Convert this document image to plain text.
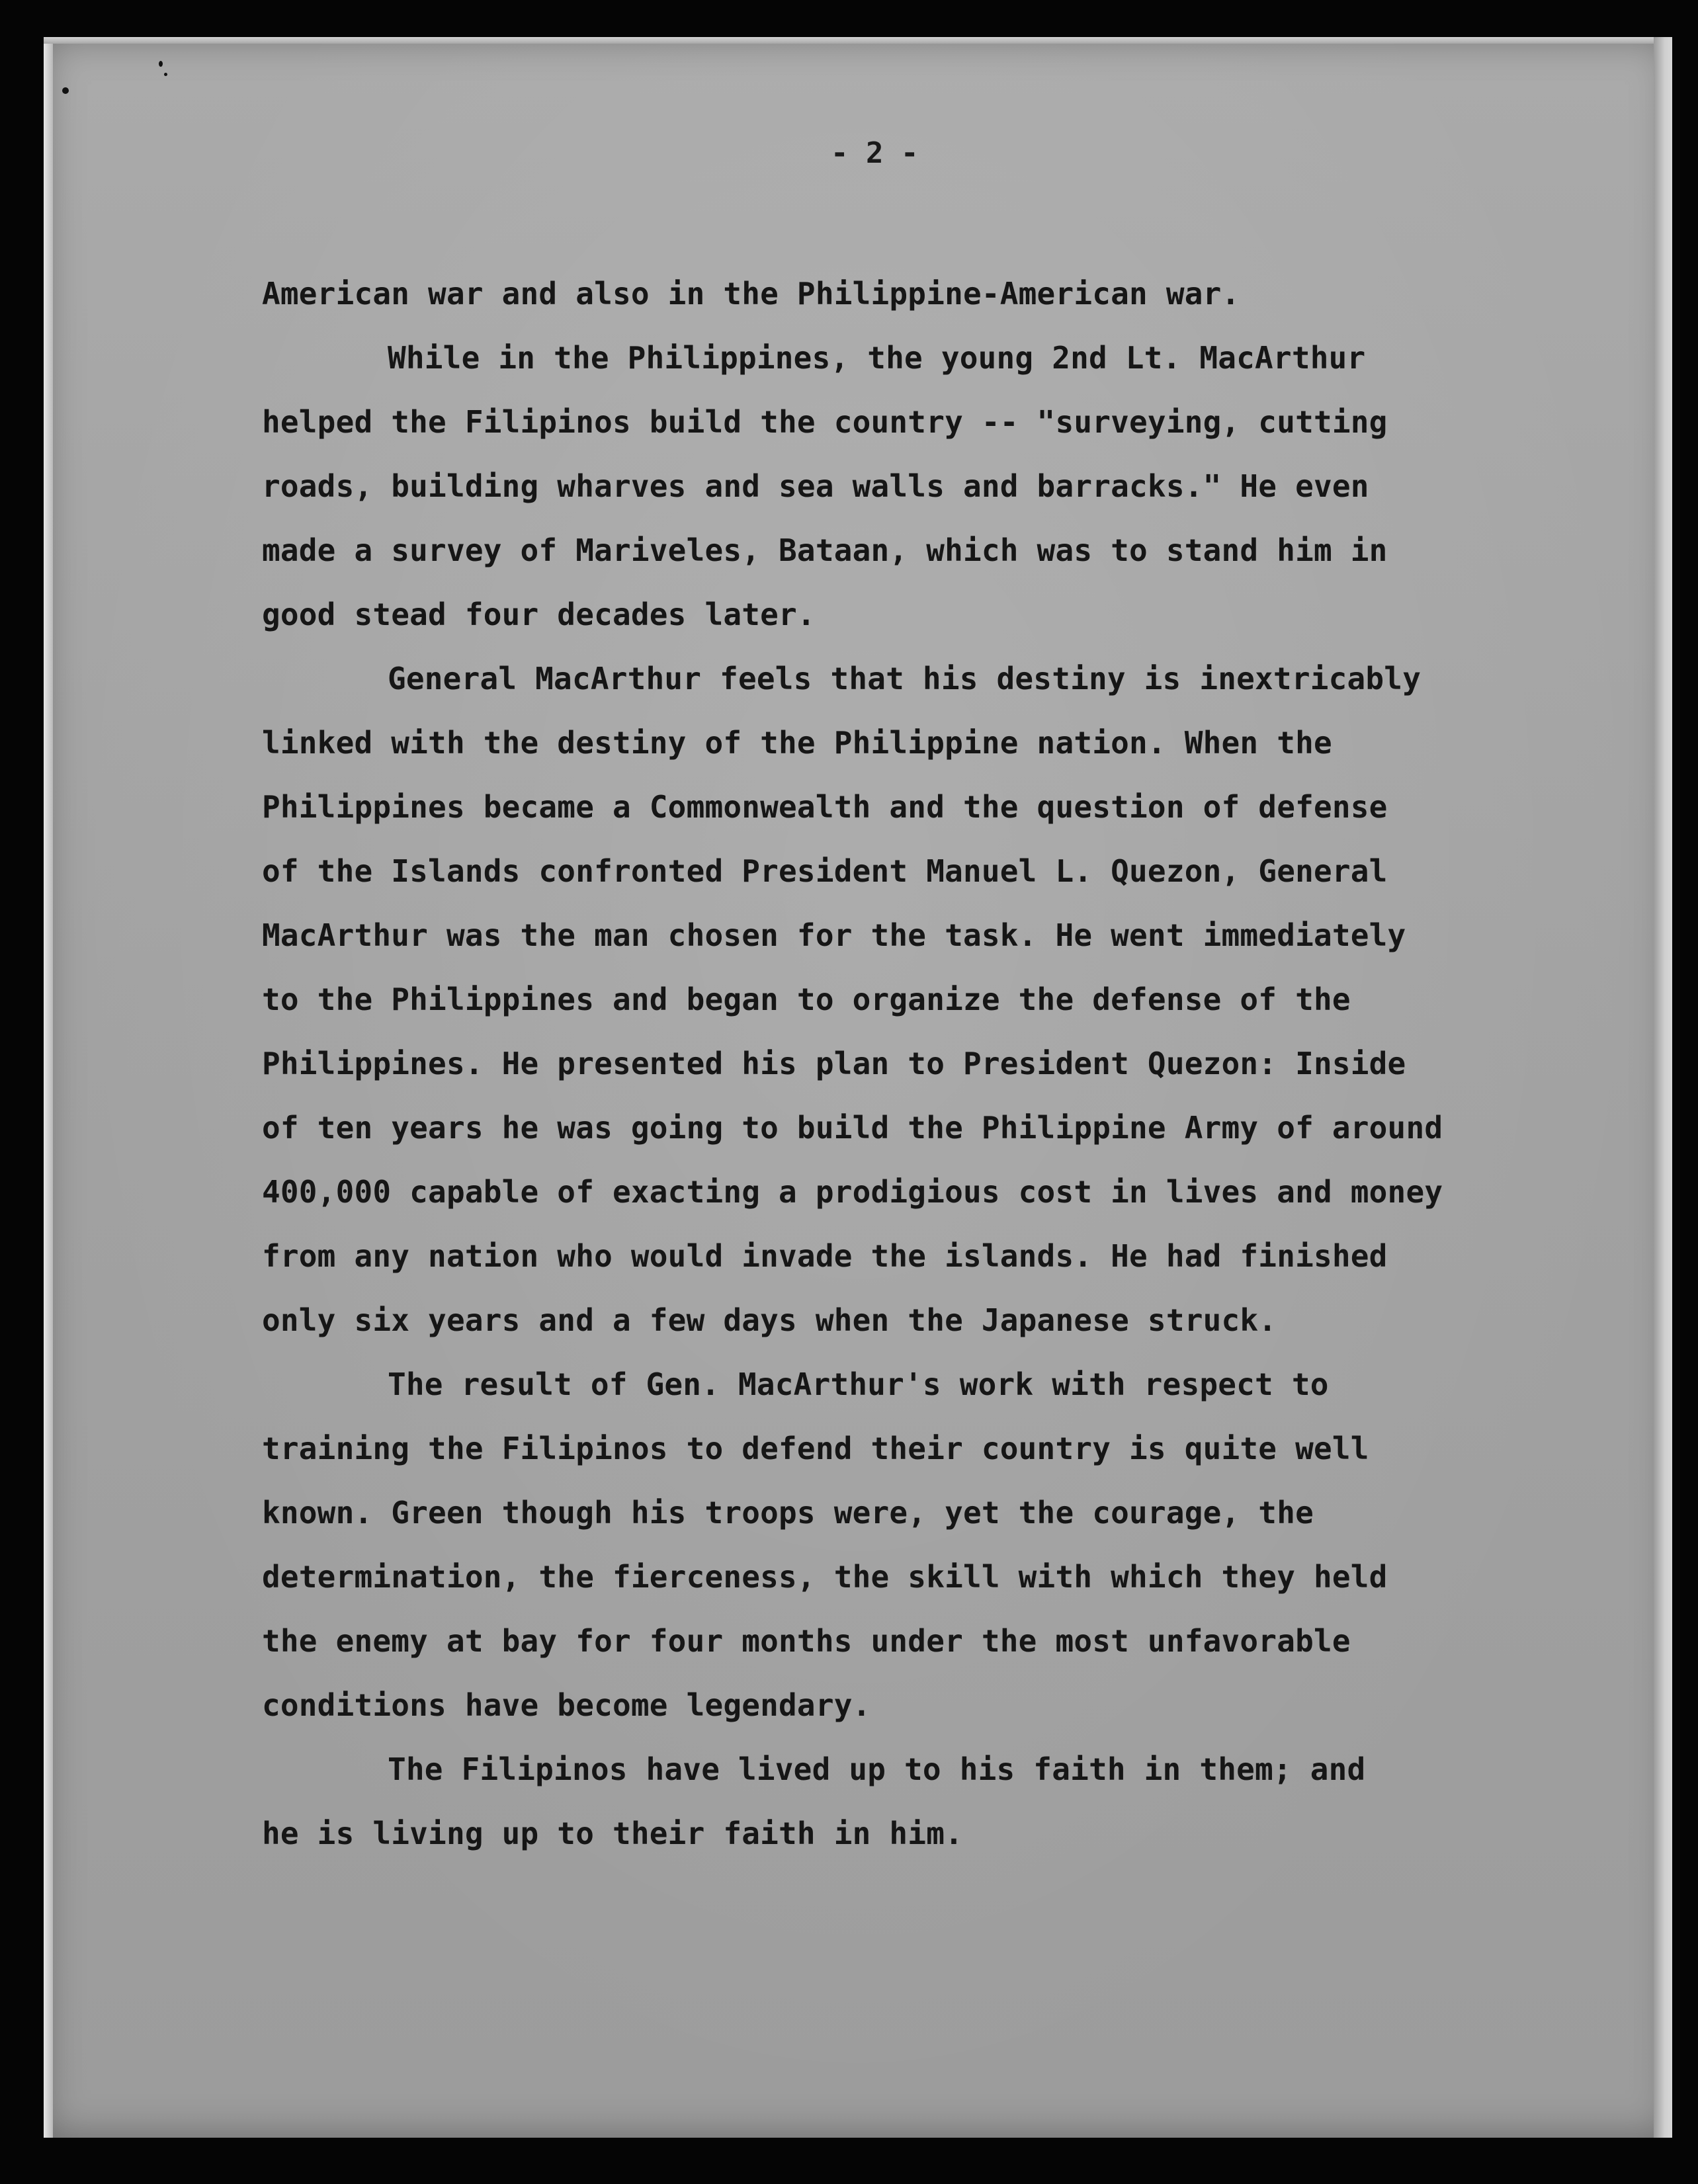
- 2 -
American war and also in the Philippine-American war.
While in the Philippines, the young 2nd Lt. MacArthur
helped the Filipinos build the country -- "surveying, cutting
roads, building wharves and sea walls and barracks." He even
made a survey of Mariveles, Bataan, which was to stand him in
good stead four decades later.
General MacArthur feels that his destiny is inextricably
linked with the destiny of the Philippine nation. When the
Philippines became a Commonwealth and the question of defense
of the Islands confronted President Manuel L. Quezon, General
MacArthur was the man chosen for the task. He went immediately
to the Philippines and began to organize the defense of the
Philippines. He presented his plan to President Quezon: Inside
of ten years he was going to build the Philippine Army of around
400,000 capable of exacting a prodigious cost in lives and money
from any nation who would invade the islands. He had finished
only six years and a few days when the Japanese struck.
The result of Gen. MacArthur's work with respect to
training the Filipinos to defend their country is quite well
known. Green though his troops were, yet the courage, the
determination, the fierceness, the skill with which they held
the enemy at bay for four months under the most unfavorable
conditions have become legendary.
The Filipinos have lived up to his faith in them; and
he is living up to their faith in him.
